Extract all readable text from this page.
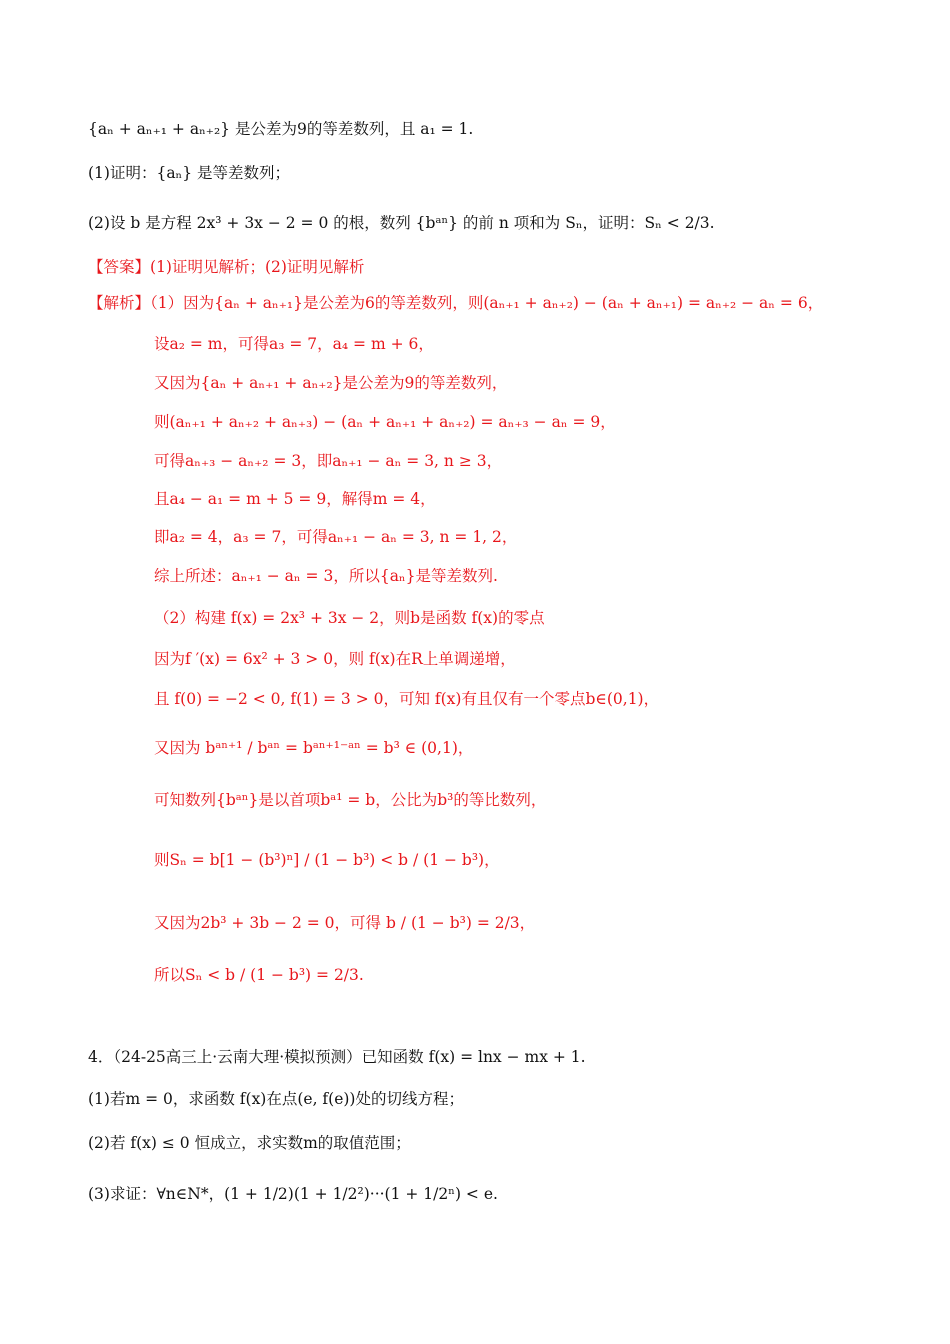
{aₙ + aₙ₊₁ + aₙ₊₂} 是公差为9的等差数列，且 a₁ = 1.
(1)证明：{aₙ} 是等差数列；
(2)设 b 是方程 2x³ + 3x − 2 = 0 的根，数列 {bᵃⁿ} 的前 n 项和为 Sₙ，证明：Sₙ < 2/3.
【答案】(1)证明见解析；(2)证明见解析
【解析】（1）因为{aₙ + aₙ₊₁}是公差为6的等差数列，则(aₙ₊₁ + aₙ₊₂) − (aₙ + aₙ₊₁) = aₙ₊₂ − aₙ = 6，
设a₂ = m，可得a₃ = 7，a₄ = m + 6，
又因为{aₙ + aₙ₊₁ + aₙ₊₂}是公差为9的等差数列，
则(aₙ₊₁ + aₙ₊₂ + aₙ₊₃) − (aₙ + aₙ₊₁ + aₙ₊₂) = aₙ₊₃ − aₙ = 9，
可得aₙ₊₃ − aₙ₊₂ = 3，即aₙ₊₁ − aₙ = 3, n ≥ 3，
且a₄ − a₁ = m + 5 = 9，解得m = 4，
即a₂ = 4，a₃ = 7，可得aₙ₊₁ − aₙ = 3, n = 1, 2，
综上所述：aₙ₊₁ − aₙ = 3，所以{aₙ}是等差数列.
（2）构建 f(x) = 2x³ + 3x − 2，则b是函数 f(x)的零点
因为f ′(x) = 6x² + 3 > 0，则 f(x)在R上单调递增，
且 f(0) = −2 < 0, f(1) = 3 > 0，可知 f(x)有且仅有一个零点b∈(0,1)，
又因为 bᵃⁿ⁺¹ / bᵃⁿ = bᵃⁿ⁺¹⁻ᵃⁿ = b³ ∈ (0,1)，
可知数列{bᵃⁿ}是以首项bᵃ¹ = b，公比为b³的等比数列，
则Sₙ = b[1 − (b³)ⁿ] / (1 − b³) < b / (1 − b³)，
又因为2b³ + 3b − 2 = 0，可得 b / (1 − b³) = 2/3，
所以Sₙ < b / (1 − b³) = 2/3.
4．（24-25高三上·云南大理·模拟预测）已知函数 f(x) = lnx − mx + 1.
(1)若m = 0，求函数 f(x)在点(e, f(e))处的切线方程；
(2)若 f(x) ≤ 0 恒成立，求实数m的取值范围；
(3)求证：∀n∈N*，(1 + 1/2)(1 + 1/2²)···(1 + 1/2ⁿ) < e.
